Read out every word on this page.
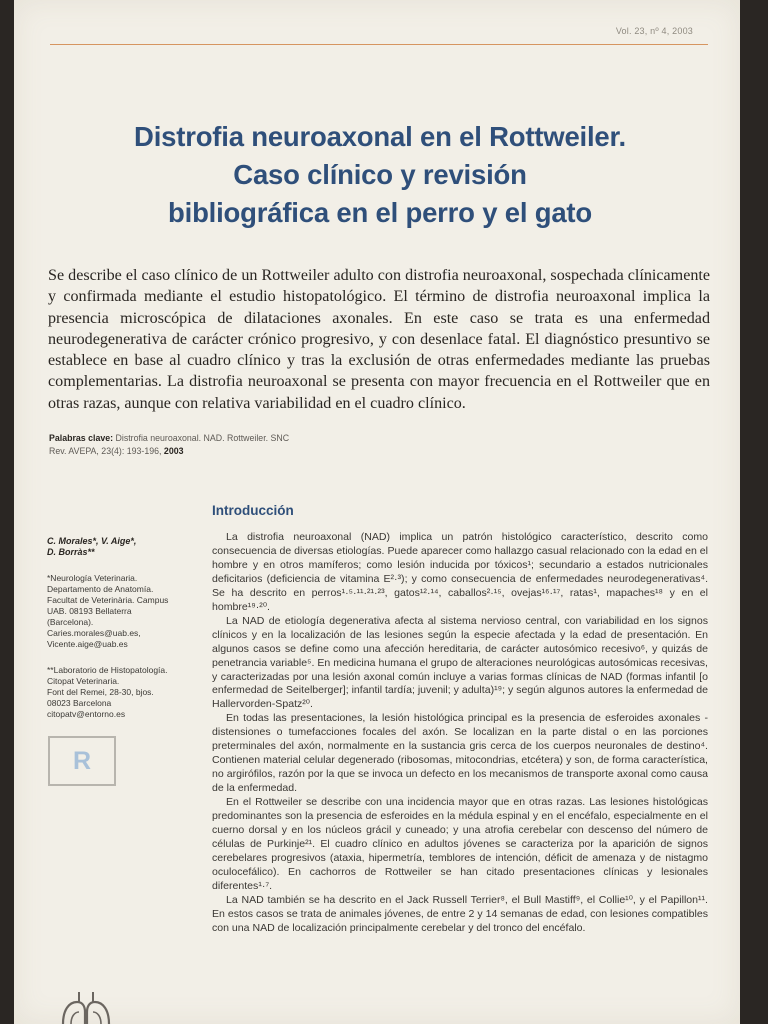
Vol. 23, nº 4, 2003
Distrofia neuroaxonal en el Rottweiler.
Caso clínico y revisión
bibliográfica en el perro y el gato
Se describe el caso clínico de un Rottweiler adulto con distrofia neuroaxonal, sospechada clínicamente y confirmada mediante el estudio histopatológico. El término de distrofia neuroaxonal implica la presencia microscópica de dilataciones axonales. En este caso se trata es una enfermedad neurodegenerativa de carácter crónico progresivo, y con desenlace fatal. El diagnóstico presuntivo se establece en base al cuadro clínico y tras la exclusión de otras enfermedades mediante las pruebas complementarias. La distrofia neuroaxonal se presenta con mayor frecuencia en el Rottweiler que en otras razas, aunque con relativa variabilidad en el cuadro clínico.
Palabras clave: Distrofia neuroaxonal. NAD. Rottweiler. SNC
Rev. AVEPA, 23(4): 193-196, 2003
Introducción
C. Morales*, V. Aige*,
D. Borràs**
*Neurología Veterinaria.
Departamento de Anatomía.
Facultat de Veterinària. Campus
UAB. 08193 Bellaterra
(Barcelona).
Caries.morales@uab.es,
Vicente.aige@uab.es
**Laboratorio de Histopatología.
Citopat Veterinaria.
Font del Remei, 28-30, bjos.
08023 Barcelona
citopatv@entorno.es
R

La distrofia neuroaxonal (NAD) implica un patrón histológico característico, descrito como consecuencia de diversas etiologías. Puede aparecer como hallazgo casual relacionado con la edad en el hombre y en otros mamíferos; como lesión inducida por tóxicos¹; secundario a estados nutricionales deficitarios (deficiencia de vitamina E²·³); y como consecuencia de enfermedades neurodegenerativas⁴. Se ha descrito en perros¹·⁵·¹¹·²¹·²³, gatos¹²·¹⁴, caballos²·¹⁵, ovejas¹⁶·¹⁷, ratas¹, mapaches¹⁸ y en el hombre¹⁹·²⁰.

La NAD de etiología degenerativa afecta al sistema nervioso central, con variabilidad en los signos clínicos y en la localización de las lesiones según la especie afectada y la edad de presentación. En algunos casos se define como una afección hereditaria, de carácter autosómico recesivo⁶, y quizás de penetrancia variable⁵. En medicina humana el grupo de alteraciones neurológicas autosómicas recesivas, y caracterizadas por una lesión axonal común incluye a varias formas clínicas de NAD (formas infantil [o enfermedad de Seitelberger]; infantil tardía; juvenil; y adulta)¹⁹; y según algunos autores la enfermedad de Hallervorden-Spatz²⁰.

En todas las presentaciones, la lesión histológica principal es la presencia de esferoides axonales - distensiones o tumefacciones focales del axón. Se localizan en la parte distal o en las porciones preterminales del axón, normalmente en la sustancia gris cerca de los cuerpos neuronales de destino⁴. Contienen material celular degenerado (ribosomas, mitocondrias, etcétera) y son, de forma característica, no argirófilos, razón por la que se invoca un defecto en los mecanismos de transporte axonal como causa de la enfermedad.

En el Rottweiler se describe con una incidencia mayor que en otras razas. Las lesiones histológicas predominantes son la presencia de esferoides en la médula espinal y en el encéfalo, especialmente en el cuerno dorsal y en los núcleos grácil y cuneado; y una atrofia cerebelar con descenso del número de células de Purkinje²¹. El cuadro clínico en adultos jóvenes se caracteriza por la aparición de signos cerebelares progresivos (ataxia, hipermetría, temblores de intención, déficit de amenaza y de nistagmo oculocefálico). En cachorros de Rottweiler se han citado presentaciones clínicas y lesionales diferentes¹·⁷.

La NAD también se ha descrito en el Jack Russell Terrier⁸, el Bull Mastiff⁹, el Collie¹⁰, y el Papillon¹¹. En estos casos se trata de animales jóvenes, de entre 2 y 14 semanas de edad, con lesiones compatibles con una NAD de localización principalmente cerebelar y del tronco del encéfalo.
